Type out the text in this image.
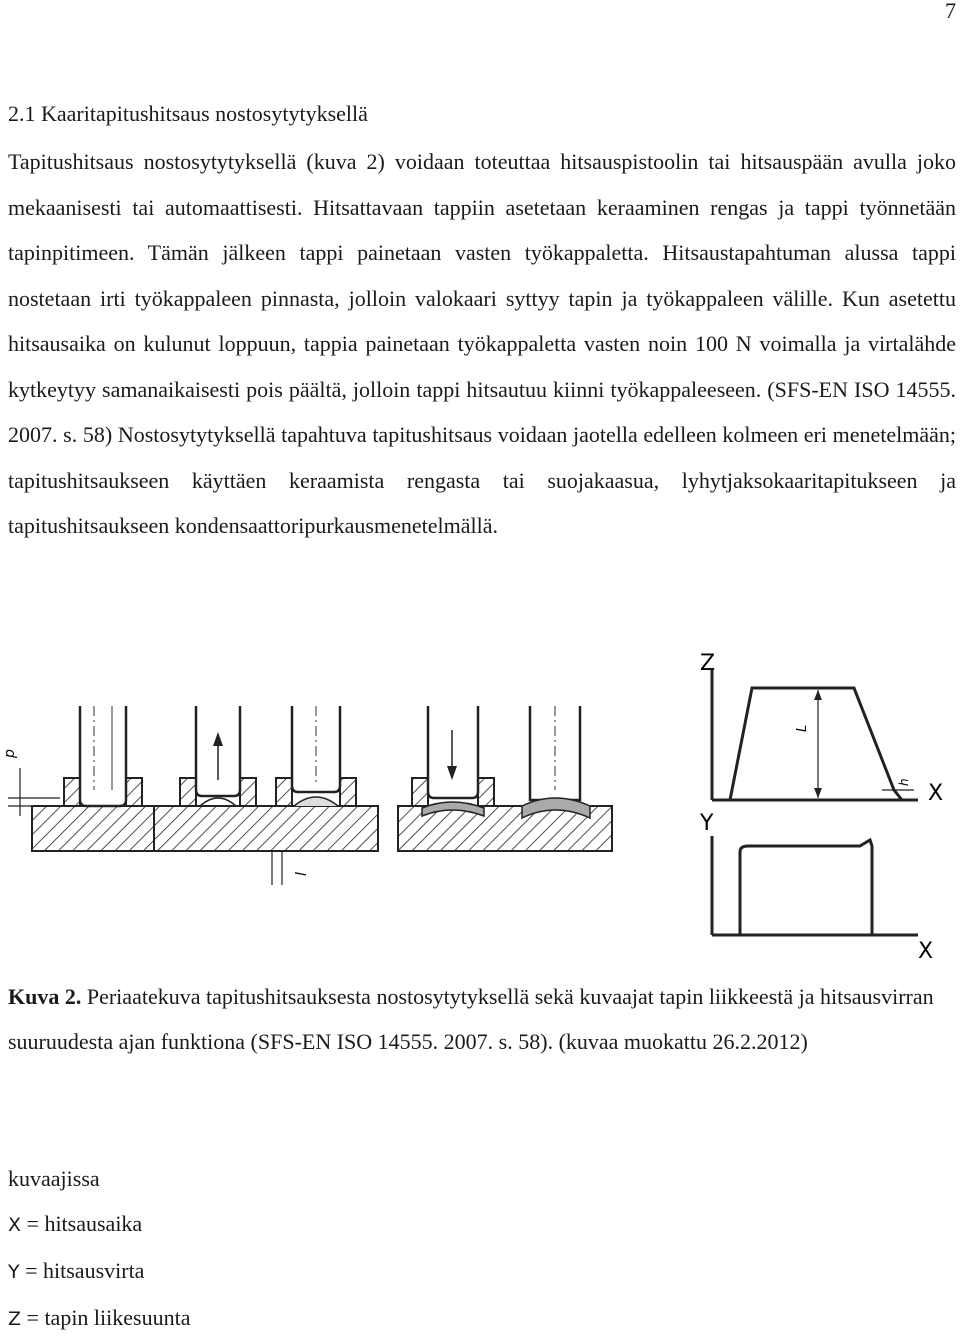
7
2.1 Kaaritapitushitsaus nostosytytyksellä

Tapitushitsaus nostosytytyksellä (kuva 2) voidaan toteuttaa hitsauspistoolin tai hitsauspään avulla joko mekaanisesti tai automaattisesti. Hitsattavaan tappiin asetetaan keraaminen rengas ja tappi työnnetään tapinpitimeen. Tämän jälkeen tappi painetaan vasten työkappaletta. Hitsaustapahtuman alussa tappi nostetaan irti työkappaleen pinnasta, jolloin valokaari syttyy tapin ja työkappaleen välille. Kun asetettu hitsausaika on kulunut loppuun, tappia painetaan työkappaletta vasten noin 100 N voimalla ja virtalähde kytkeytyy samanaikaisesti pois päältä, jolloin tappi hitsautuu kiinni työkappaleeseen. (SFS-EN ISO 14555. 2007. s. 58) Nostosytytyksellä tapahtuva tapitushitsaus voidaan jaotella edelleen kolmeen eri menetelmään; tapitushitsaukseen käyttäen keraamista rengasta tai suojakaasua, lyhytjaksokaaritapitukseen ja tapitushitsaukseen kondensaattoripurkausmenetelmällä.

p
l
Z
X
L
h
Y
X

Kuva 2. Periaatekuva tapitushitsauksesta nostosytytyksellä sekä kuvaajat tapin liikkeestä ja hitsausvirran suuruudesta ajan funktiona (SFS-EN ISO 14555. 2007. s. 58). (kuvaa muokattu 26.2.2012)

kuvaajissa
X = hitsausaika
Y = hitsausvirta
Z = tapin liikesuunta
